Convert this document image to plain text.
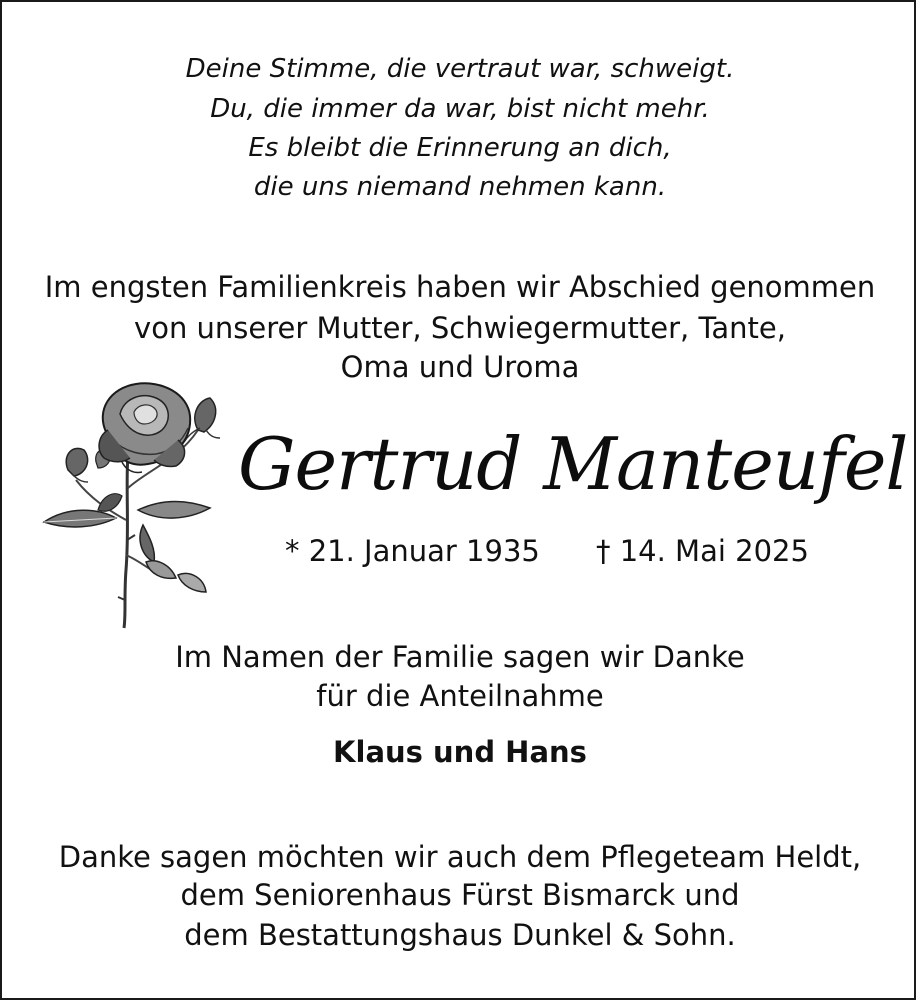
Deine Stimme, die vertraut war, schweigt.
Du, die immer da war, bist nicht mehr.
Es bleibt die Erinnerung an dich,
die uns niemand nehmen kann.
Im engsten Familienkreis haben wir Abschied genommen
von unserer Mutter, Schwiegermutter, Tante,
Oma und Uroma
Gertrud Manteufel
* 21. Januar 1935 † 14. Mai 2025
Im Namen der Familie sagen wir Danke
für die Anteilnahme
Klaus und Hans
Danke sagen möchten wir auch dem Pflegeteam Heldt,
dem Seniorenhaus Fürst Bismarck und
dem Bestattungshaus Dunkel & Sohn.
